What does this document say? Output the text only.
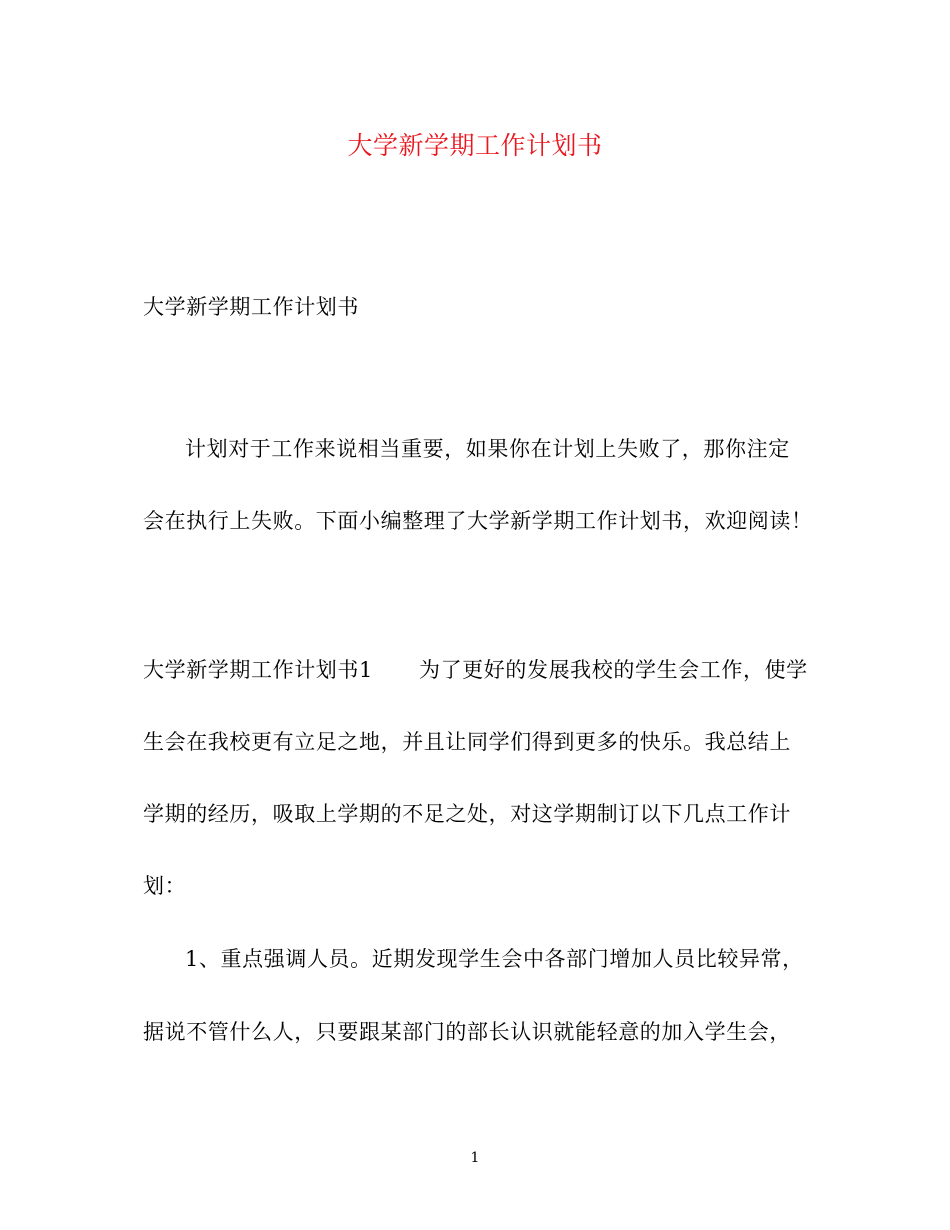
大学新学期工作计划书
大学新学期工作计划书
计划对于工作来说相当重要，如果你在计划上失败了，那你注定
会在执行上失败。下面小编整理了大学新学期工作计划书，欢迎阅读！
大学新学期工作计划书1 为了更好的发展我校的学生会工作，使学
生会在我校更有立足之地，并且让同学们得到更多的快乐。我总结上
学期的经历，吸取上学期的不足之处，对这学期制订以下几点工作计
划：
1、重点强调人员。近期发现学生会中各部门增加人员比较异常，
据说不管什么人，只要跟某部门的部长认识就能轻意的加入学生会，
1
